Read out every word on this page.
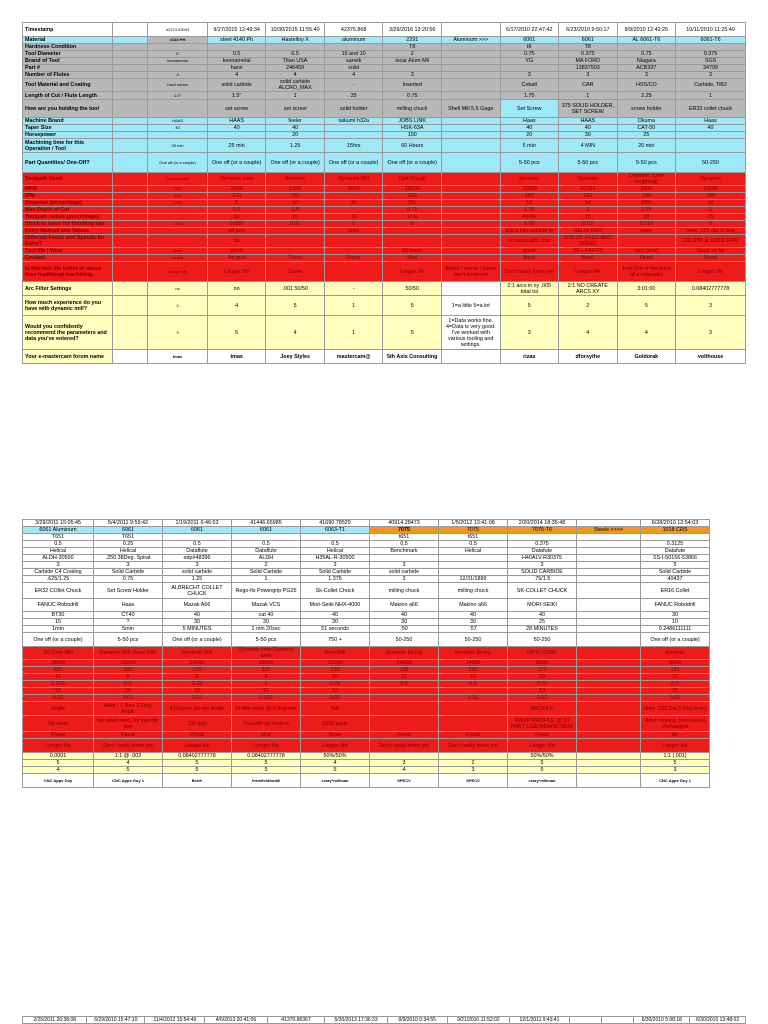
Timestamp		42274.53053	9/27/2015 12:49:34	10/30/2015 11:55:40	42375.868	3/29/2016 13:20:56		6/17/2010 22:47:42	6/23/2010 9:50:17	8/9/2010 12:42:26	10/11/2010 11:25:49
Material		4140 PH	steel 4140 Ph	Hastelloy X	aluminum	2291	Aluminum >>>	6061	6061	AL 6061-T6	6061-T6
Hardness Condition						T8		t6	T8		
Tool Diameter		2"	0.5	0.5	16 and 10	2		0.75	0.375	0.75	0.375
Brand of Tool		kennametal	kennametal	Titan USA	sanvik	Iscar Alum-Mil		YG	MA FORD	Niagara	SGS
Part #			harvi	246459	solid				13837503	ACB337	34799
Number of Flutes		4	4	4	4	3		3	3	3	3
Tool Material and Coating		harvi series	solid carbide	solid carbide ALCRO_MAX	-	Inserted		Cobalt	CAR	HSS/CO	Carbide, TiB2
Length of Cut / Flute Length		1.0"	1.5"	1	35	0.75		1.75	1	2.25	1
How are you holding the tool			set screw	set screw	solid holder	milling chuck	Shell Mill 5.5 Gage	Set Screw	375 SOLID HOLDER, SET SCREW	screw holder	ER32 collet chuck
Machine Brand		HAAS	HAAS	feeler	taikumi h32a	JOBS LINK		Haas	HAAS	Okuma	Haas
Taper Size		40	40	40		HSK-63A		40	40	CAT-50	40
Horsepower				20		100		20	30	25	
Machining time for this Operation / Tool		25 min	25 min	1.25	15hrs	60 Hours		5 min	4 MIN	20 min	
Part Quantities/ One-Off?		One off (or a couple)	One off (or a couple)	One off (or a couple)	One off (or a couple)	One off (or a couple)		5-50 pcs	5-50 pcs	5-50 pcs	50-250
Toolpath Used		Dynamic Mill	Dynamic core	dynamic	Dynamic Mill	Opti-Rough		dynamic	Dynamic	Dynamic (core roughing)	Dynamic
RPM		2500	2500	1350	5000	18000		10000	10187	3800	10000
IPM		150	100	20		500		180	150	194	180
Stepover (percentage)		10%	5	10	10	5%		10	10	15%	10
Max Depth of Cut			0.5	0.5		0.75		1.75	1	2.25	1
Toolpath radius (percentage)			50	10	10	15%		400%	15	20	25
Stock to leave for finishing ops		0.005	0.005	0.01	0	0		0.02	0.02	0.010	0
Entry Method and Values			off part		helix			spiral into outside fe	HELIX RAD	Helix	helix .125 dia .5 deg
Different Feeds and Speeds for Entry?			no					no need with core	50% OF FEED AND SPEED		200 IPM at 10000 RPM
Tool life / Wear		good	good			20 hours		great	20 + PARTS	very good	Good so far
Coolant		no gas	Air gun	Flood	Flood	Mist		flood	flood	Flood	Flood
Is this tool life better or worse then traditional machining.		Longer life	Longer life	Same		Longer life	Better / worse / same don't know yet	Don't really know yet	Longer life	Tool (1/4 of the price of a cascade)	Longer life
Arc Filter Settings		no	no	.001 50/50	-	50/50		2:1 arcs in xy .005 total tol	2:1 NO CREATE ARCS XY	3:01:00	0.08402777778
How much experience do you have with dynamic mill?		4	4	5	1	5	1=a little 5=a lot	5	2	5	3
Would you confidently recommend the parameters and data you've entered?		5	5	4	1	5	1=Data works fine. 4=Data is very good. I've worked with various tooling and settings.	3	4	4	3
Your e-mastercam forum name		tmas	tmas	Joey Styles	mastercam@	5th Axis Consulting		rizas	dforsythe	Goldorak	volthouse
3/29/2011 15:05:45	5/4/2011 9:59:42	1/19/2011 6:46:53	41446.65985	41690.78529	40914.28473	1/5/2012 13:41:08	2/20/2014 18:35:48		6/28/2010 12:54:03
6061 Aluminum	6061	6061	6061	6063-T1	7075	7075	7075-T6	Steels >>>>	1018 CRS
T651	T651				t651	t651			
0.5	0.25	0.5	0.5	0.5	0.5	0.5	0.375		0.3125
Helical	Helical	Dataflute	Dataflute	Helical	Benchmark	Helical	Datafute		Datafute
ALDH-30500	.250 38Deg. Spiral	edp#48396	ALDH	H35AL-R-30500			H40ALV-R30375		SS-I-50156-53866
3	3	3	2	3	3		3		5
Carbide C4 Coating	Solid Carbide	solid carbide	Solid Carbide	Solid Carbide	solid carbide		SOLID CARBIDE		Solid Carbide
.625/1.25	0.75	1.25	1	1.375	3	12/31/1899	.75/1.5		40437
ER32 COllet Chuck	Set Screw Holder	ALBRECHT COLLET CHUCK	Rego-fix Powergrip PG25	Sk-Collet Chuck	milling chuck	milling chuck	SK-COLLET CHUCK		ER16 Collet
FANUC Robodrill	Haas	Mazak A66	Mazak VCS	Mori-Seiki NHX-4000	Makino a66	Makino a66	MORI-SEIKI		FANUC Robodrill
BT30	CT40	40	cat 40	40	40	40	40		30
15	?	30	30	30	30	30	25		10
1min	5min	5 MINUTES	1 min 20sec	51 seconds	:50	:57	28 MINUTES		0.2486111111
One off (or a couple)	5-50 pcs	One off (or a couple)	5-50 pcs	750 +	50-250	50-250	50-250		One off (or a couple)
2D Core Mill	Dynamic Mill (Area Mill)	Dynamic Mill	Dynamic core Dynamic area	Peel Mill	dynamic facing	dynamic facing	OPTI CORE		dynamic
18000	12000	14000	12000	12000	14000	14000	8000		9549
600	300	170	115	230	195	160	177		181
10	8	8	8	10	10	10	10		10
1.625	0.5	1.25	1	0.75	0.5	0.5	0.75		0.5
15	20	10	10	10			10		25
0.01	0.01	0.01	0.005	0.02		0.01	0.02		0.01
Angle	Helix - 1 Rev. 2 Deg. Angle	8 Degree plunge Angle	Profile ramp @ 5 degrees	NA			PROFILE		Helix .125 Dia 5 Deg Entry
No relief	No relief used, for specific tool	100 ipm	Tool will not feature	1000 parts			RAMP PROFILE @ 50 PART LIGE BRAND NEW		After running, tool looked unchanged
Flood	Flood	Flood	Mist	None	Flood	Flood	Flood		Air
Longer life	Don't really know yet	Longer life	Longer life	Longer life	Don't really know yet	Don't really know yet	Longer life		Longer life
0.0001	1:1 @ .002	0.08402777778	0.08402777778	50%/50%			50%/50%		1:1 (.001)
5	4	5	5	4	3	2	5		5
4	5	5	5	5	4	3	5		3
CNC Apps Guy	CNC Apps Guy 1	BenK	fnewfieldfun86	crazy*millman	SPECV	SPECV	crazy*millman		CNC Apps Guy 1
2/25/2011 20:38:08	6/29/2010 15:47:10	11/4/2012 15:54:49	4/6/2013 20:41:06	41370.86367	5/30/2013 17:36:33	8/9/2010 0:34:55	9/21/2010 11:52:02	12/1/2011 9:43:41			6/30/2010 5:08:18	6/30/2010 13:48:02
